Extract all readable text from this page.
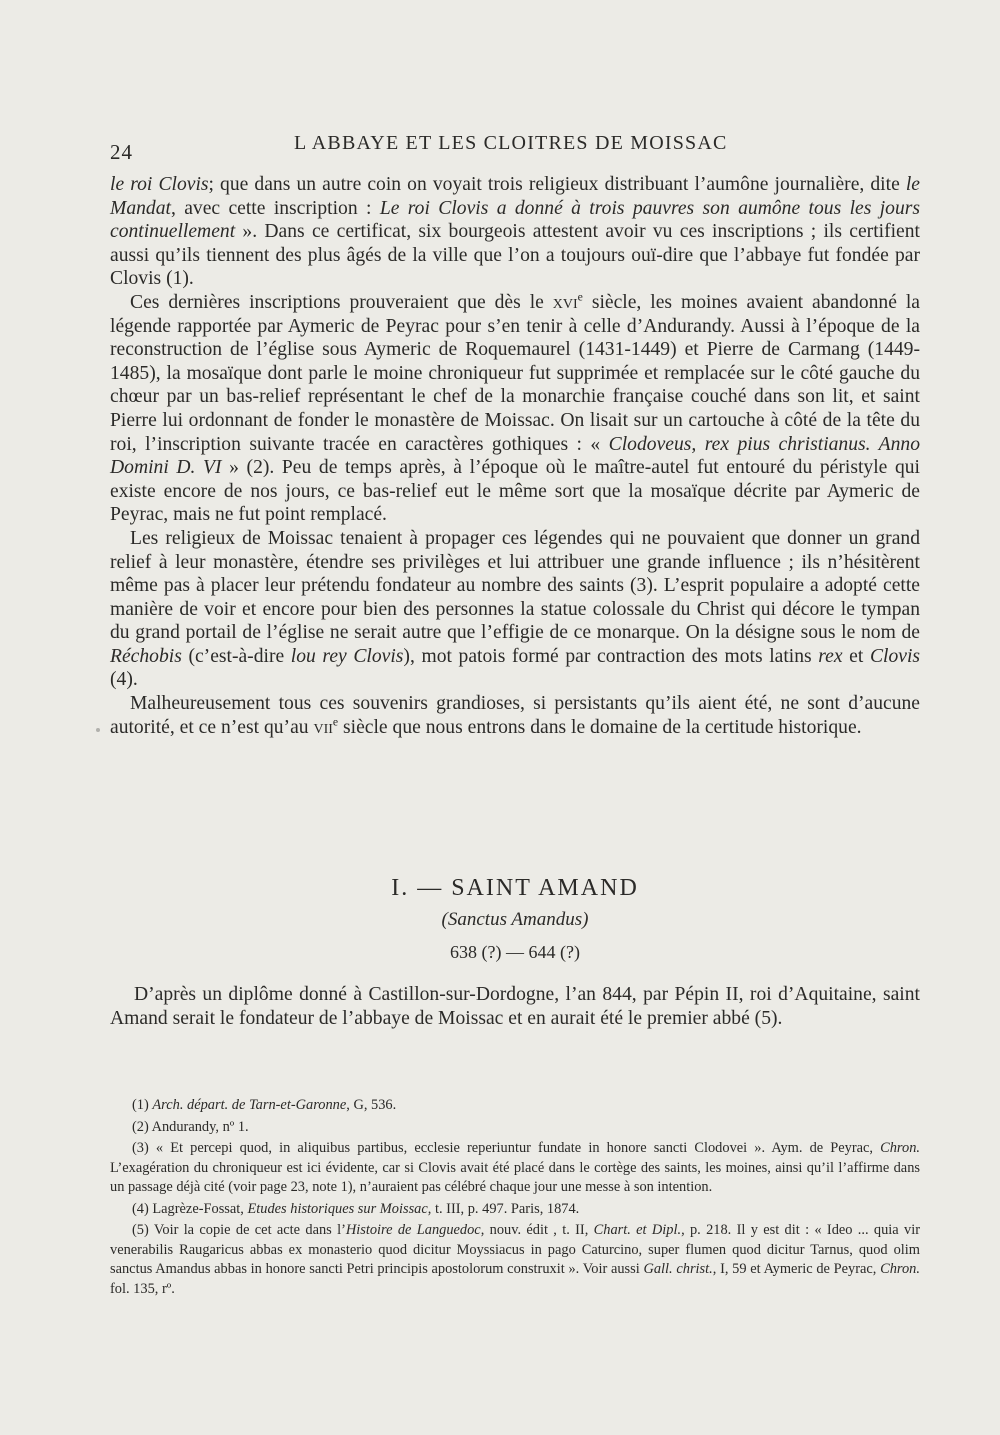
24	L ABBAYE ET LES CLOITRES DE MOISSAC

le roi Clovis; que dans un autre coin on voyait trois religieux distribuant l’aumône journalière, dite le Mandat, avec cette inscription : Le roi Clovis a donné à trois pauvres son aumône tous les jours continuellement ». Dans ce certificat, six bourgeois attestent avoir vu ces inscriptions ; ils certifient aussi qu’ils tiennent des plus âgés de la ville que l’on a toujours ouï-dire que l’abbaye fut fondée par Clovis (1).

Ces dernières inscriptions prouveraient que dès le xvi$^e$ siècle, les moines avaient abandonné la légende rapportée par Aymeric de Peyrac pour s’en tenir à celle d’Andurandy. Aussi à l’époque de la reconstruction de l’église sous Aymeric de Roquemaurel (1431-1449) et Pierre de Carmang (1449-1485), la mosaïque dont parle le moine chroniqueur fut supprimée et remplacée sur le côté gauche du chœur par un bas-relief représentant le chef de la monarchie française couché dans son lit, et saint Pierre lui ordonnant de fonder le monastère de Moissac. On lisait sur un cartouche à côté de la tête du roi, l’inscription suivante tracée en caractères gothiques : « Clodoveus, rex pius christianus. Anno Domini D. VI » (2). Peu de temps après, à l’époque où le maître-autel fut entouré du péristyle qui existe encore de nos jours, ce bas-relief eut le même sort que la mosaïque décrite par Aymeric de Peyrac, mais ne fut point remplacé.

Les religieux de Moissac tenaient à propager ces légendes qui ne pouvaient que donner un grand relief à leur monastère, étendre ses privilèges et lui attribuer une grande influence ; ils n’hésitèrent même pas à placer leur prétendu fondateur au nombre des saints (3). L’esprit populaire a adopté cette manière de voir et encore pour bien des personnes la statue colossale du Christ qui décore le tympan du grand portail de l’église ne serait autre que l’effigie de ce monarque. On la désigne sous le nom de Réchobis (c’est-à-dire lou rey Clovis), mot patois formé par contraction des mots latins rex et Clovis (4).

Malheureusement tous ces souvenirs grandioses, si persistants qu’ils aient été, ne sont d’aucune autorité, et ce n’est qu’au vii$^e$ siècle que nous entrons dans le domaine de la certitude historique.

I. — SAINT AMAND
(Sanctus Amandus)
638 (?) — 644 (?)

D’après un diplôme donné à Castillon-sur-Dordogne, l’an 844, par Pépin II, roi d’Aquitaine, saint Amand serait le fondateur de l’abbaye de Moissac et en aurait été le premier abbé (5).

(1) Arch. départ. de Tarn-et-Garonne, G, 536.

(2) Andurandy, nº 1.

(3) « Et percepi quod, in aliquibus partibus, ecclesie reperiuntur fundate in honore sancti Clodovei ». Aym. de Peyrac, Chron. L’exagération du chroniqueur est ici évidente, car si Clovis avait été placé dans le cortège des saints, les moines, ainsi qu’il l’affirme dans un passage déjà cité (voir page 23, note 1), n’auraient pas célébré chaque jour une messe à son intention.

(4) Lagrèze-Fossat, Etudes historiques sur Moissac, t. III, p. 497. Paris, 1874.

(5) Voir la copie de cet acte dans l’Histoire de Languedoc, nouv. édit , t. II, Chart. et Dipl., p. 218. Il y est dit : « Ideo ... quia vir venerabilis Raugaricus abbas ex monasterio quod dicitur Moyssiacus in pago Caturcino, super flumen quod dicitur Tarnus, quod olim sanctus Amandus abbas in honore sancti Petri principis apostolorum construxit ». Voir aussi Gall. christ., I, 59 et Aymeric de Peyrac, Chron. fol. 135, rº.
